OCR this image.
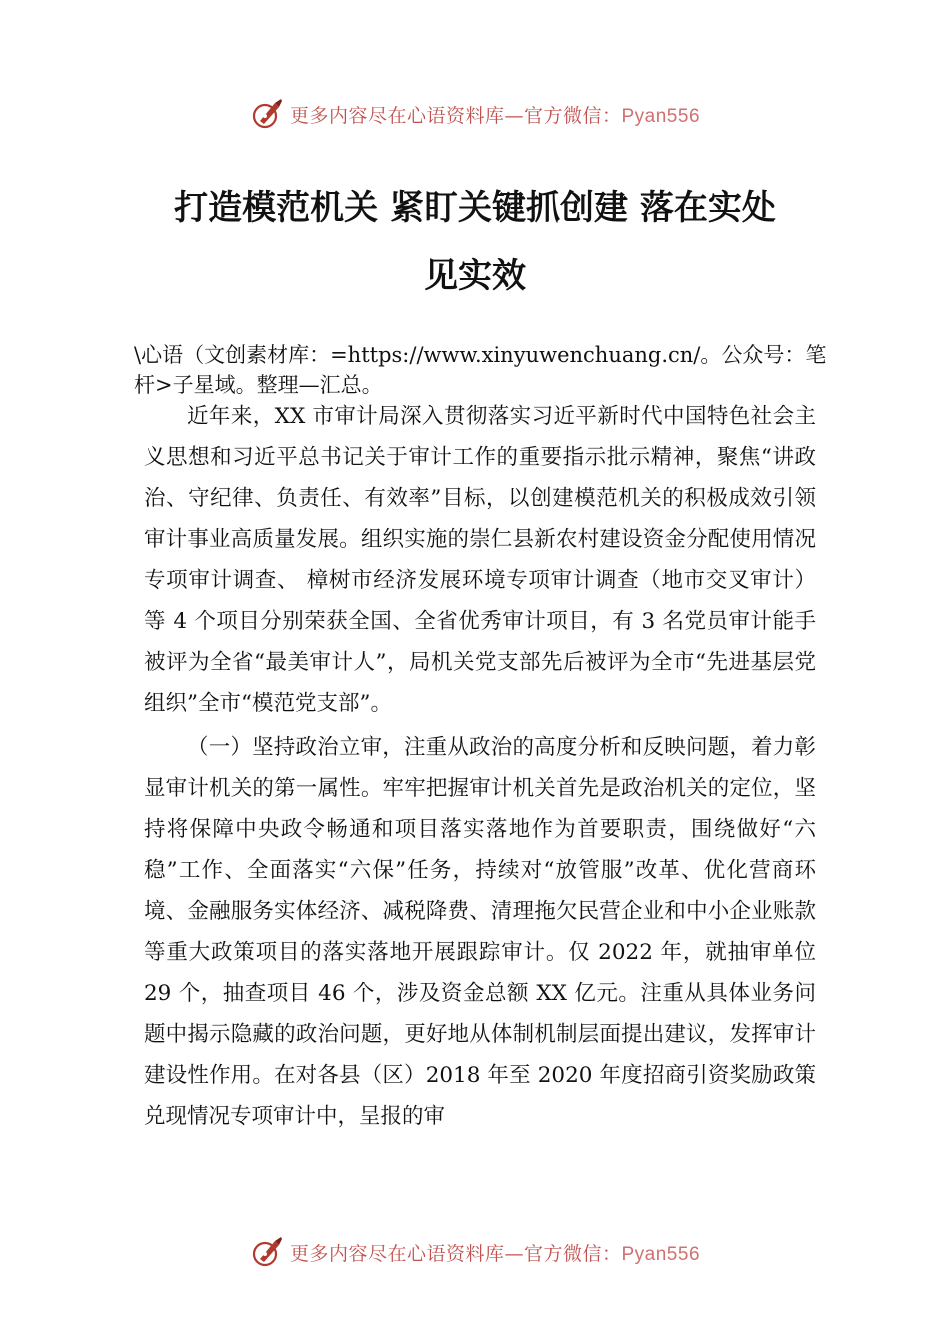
更多内容尽在心语资料库—官方微信：Pyan556
打造模范机关 紧盯关键抓创建 落在实处
见实效
\心语（文创素材库：=https://www.xinyuwenchuang.cn/。公众号：笔杆>子星域。整理—汇总。

近年来，XX 市审计局深入贯彻落实习近平新时代中国特色社会主义思想和习近平总书记关于审计工作的重要指示批示精神，聚焦“讲政治、守纪律、负责任、有效率”目标，以创建模范机关的积极成效引领审计事业高质量发展。组织实施的崇仁县新农村建设资金分配使用情况专项审计调查、 樟树市经济发展环境专项审计调查（地市交叉审计）等 4 个项目分别荣获全国、全省优秀审计项目，有 3 名党员审计能手被评为全省“最美审计人”，局机关党支部先后被评为全市“先进基层党组织”全市“模范党支部”。

（一）坚持政治立审，注重从政治的高度分析和反映问题，着力彰显审计机关的第一属性。牢牢把握审计机关首先是政治机关的定位，坚持将保障中央政令畅通和项目落实落地作为首要职责，围绕做好“六稳”工作、全面落实“六保”任务，持续对“放管服”改革、优化营商环境、金融服务实体经济、减税降费、清理拖欠民营企业和中小企业账款等重大政策项目的落实落地开展跟踪审计。仅 2022 年，就抽审单位 29 个，抽查项目 46 个，涉及资金总额 XX 亿元。注重从具体业务问题中揭示隐藏的政治问题，更好地从体制机制层面提出建议，发挥审计建设性作用。在对各县（区）2018 年至 2020 年度招商引资奖励政策兑现情况专项审计中，呈报的审

更多内容尽在心语资料库—官方微信：Pyan556
